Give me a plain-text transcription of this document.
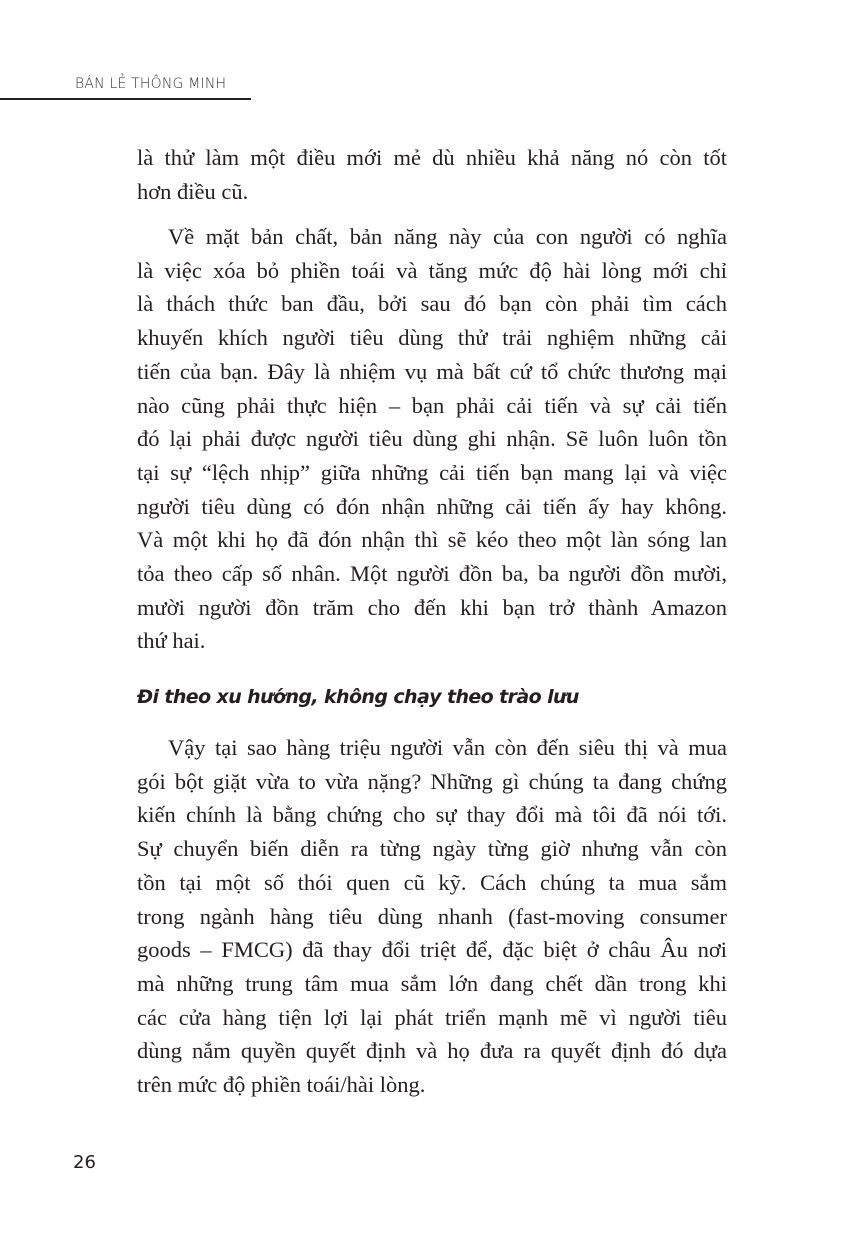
BÁN LẺ THÔNG MINH
là thử làm một điều mới mẻ dù nhiều khả năng nó còn tốt
hơn điều cũ.
Về mặt bản chất, bản năng này của con người có nghĩa
là việc xóa bỏ phiền toái và tăng mức độ hài lòng mới chỉ
là thách thức ban đầu, bởi sau đó bạn còn phải tìm cách
khuyến khích người tiêu dùng thử trải nghiệm những cải
tiến của bạn. Đây là nhiệm vụ mà bất cứ tổ chức thương mại
nào cũng phải thực hiện – bạn phải cải tiến và sự cải tiến
đó lại phải được người tiêu dùng ghi nhận. Sẽ luôn luôn tồn
tại sự “lệch nhịp” giữa những cải tiến bạn mang lại và việc
người tiêu dùng có đón nhận những cải tiến ấy hay không.
Và một khi họ đã đón nhận thì sẽ kéo theo một làn sóng lan
tỏa theo cấp số nhân. Một người đồn ba, ba người đồn mười,
mười người đồn trăm cho đến khi bạn trở thành Amazon
thứ hai.
Vậy tại sao hàng triệu người vẫn còn đến siêu thị và mua
gói bột giặt vừa to vừa nặng? Những gì chúng ta đang chứng
kiến chính là bằng chứng cho sự thay đổi mà tôi đã nói tới.
Sự chuyển biến diễn ra từng ngày từng giờ nhưng vẫn còn
tồn tại một số thói quen cũ kỹ. Cách chúng ta mua sắm
trong ngành hàng tiêu dùng nhanh (fast-moving consumer
goods – FMCG) đã thay đổi triệt để, đặc biệt ở châu Âu nơi
mà những trung tâm mua sắm lớn đang chết dần trong khi
các cửa hàng tiện lợi lại phát triển mạnh mẽ vì người tiêu
dùng nắm quyền quyết định và họ đưa ra quyết định đó dựa
trên mức độ phiền toái/hài lòng.
Đi theo xu hướng, không chạy theo trào lưu
26
